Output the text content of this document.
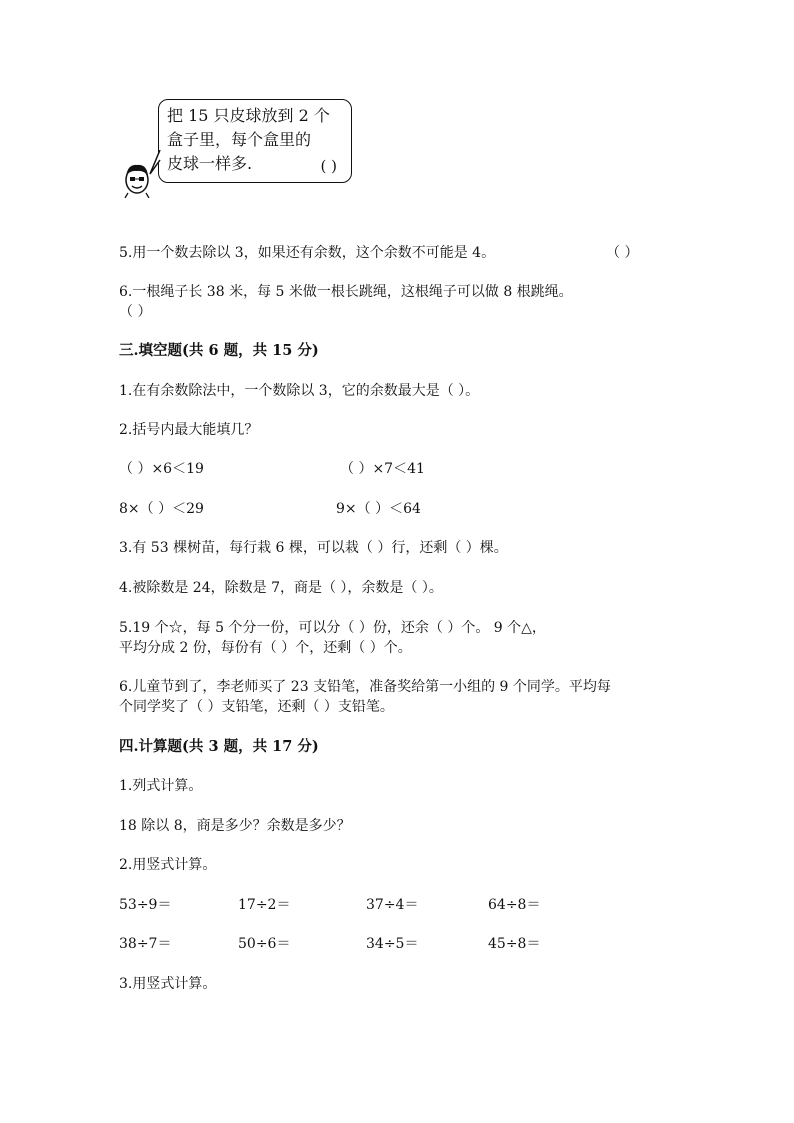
把 15 只皮球放到 2 个
盒子里，每个盒里的
皮球一样多.	( )
5.用一个数去除以 3，如果还有余数，这个余数不可能是 4。	（ ）
6.一根绳子长 38 米，每 5 米做一根长跳绳，这根绳子可以做 8 根跳绳。
（ ）
三.填空题(共 6 题，共 15 分)
1.在有余数除法中，一个数除以 3，它的余数最大是（ ）。
2.括号内最大能填几？
（ ）×6＜19	（ ）×7＜41
8×（ ）＜29	9×（ ）＜64
3.有 53 棵树苗，每行栽 6 棵，可以栽（ ）行，还剩（ ）棵。
4.被除数是 24，除数是 7，商是（ ），余数是（ ）。
5.19 个☆，每 5 个分一份，可以分（ ）份，还余（ ）个。 9 个△，
平均分成 2 份，每份有（ ）个，还剩（ ）个。
6.儿童节到了，李老师买了 23 支铅笔，准备奖给第一小组的 9 个同学。平均每
个同学奖了（ ）支铅笔，还剩（ ）支铅笔。
四.计算题(共 3 题，共 17 分)
1.列式计算。
18 除以 8，商是多少？余数是多少？
2.用竖式计算。
53÷9＝	17÷2＝	37÷4＝	64÷8＝
38÷7＝	50÷6＝	34÷5＝	45÷8＝
3.用竖式计算。
